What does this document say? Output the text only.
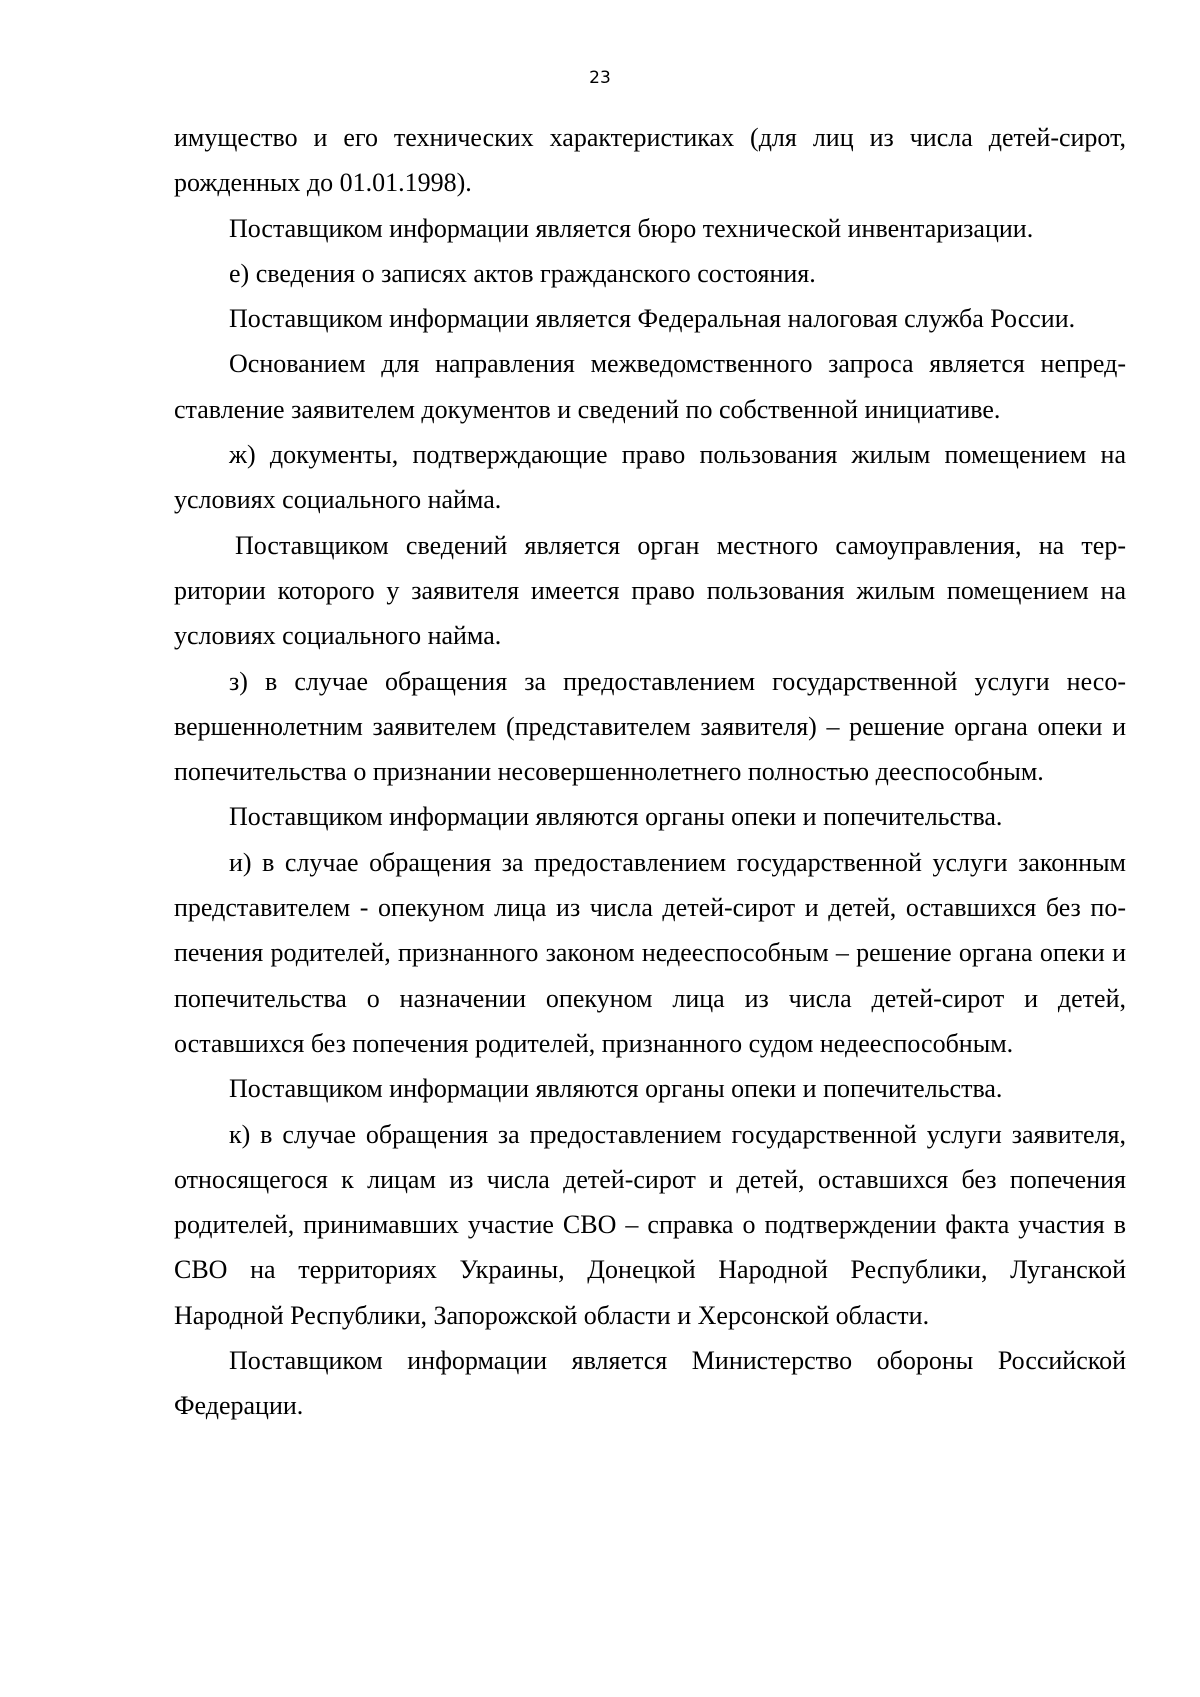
23

имущество и его технических характеристиках (для лиц из числа детей-сирот, рожденных до 01.01.1998).

Поставщиком информации является бюро технической инвентаризации.

е) сведения о записях актов гражданского состояния.

Поставщиком информации является Федеральная налоговая служба России.

Основанием для направления межведомственного запроса является непредставление заявителем документов и сведений по собственной инициативе.

ж) документы, подтверждающие право пользования жилым помещением на условиях социального найма.

Поставщиком сведений является орган местного самоуправления, на территории которого у заявителя имеется право пользования жилым помещением на условиях социального найма.

з) в случае обращения за предоставлением государственной услуги несовершеннолетним заявителем (представителем заявителя) – решение органа опеки и попечительства о признании несовершеннолетнего полностью дееспособным.

Поставщиком информации являются органы опеки и попечительства.

и) в случае обращения за предоставлением государственной услуги законным представителем - опекуном лица из числа детей-сирот и детей, оставшихся без попечения родителей, признанного законом недееспособным – решение органа опеки и попечительства о назначении опекуном лица из числа детей-сирот и детей, оставшихся без попечения родителей, признанного судом недееспособным.

Поставщиком информации являются органы опеки и попечительства.

к) в случае обращения за предоставлением государственной услуги заявителя, относящегося к лицам из числа детей-сирот и детей, оставшихся без попечения родителей, принимавших участие СВО – справка о подтверждении факта участия в СВО на территориях Украины, Донецкой Народной Республики, Луганской Народной Республики, Запорожской области и Херсонской области.

Поставщиком информации является Министерство обороны Российской Федерации.
